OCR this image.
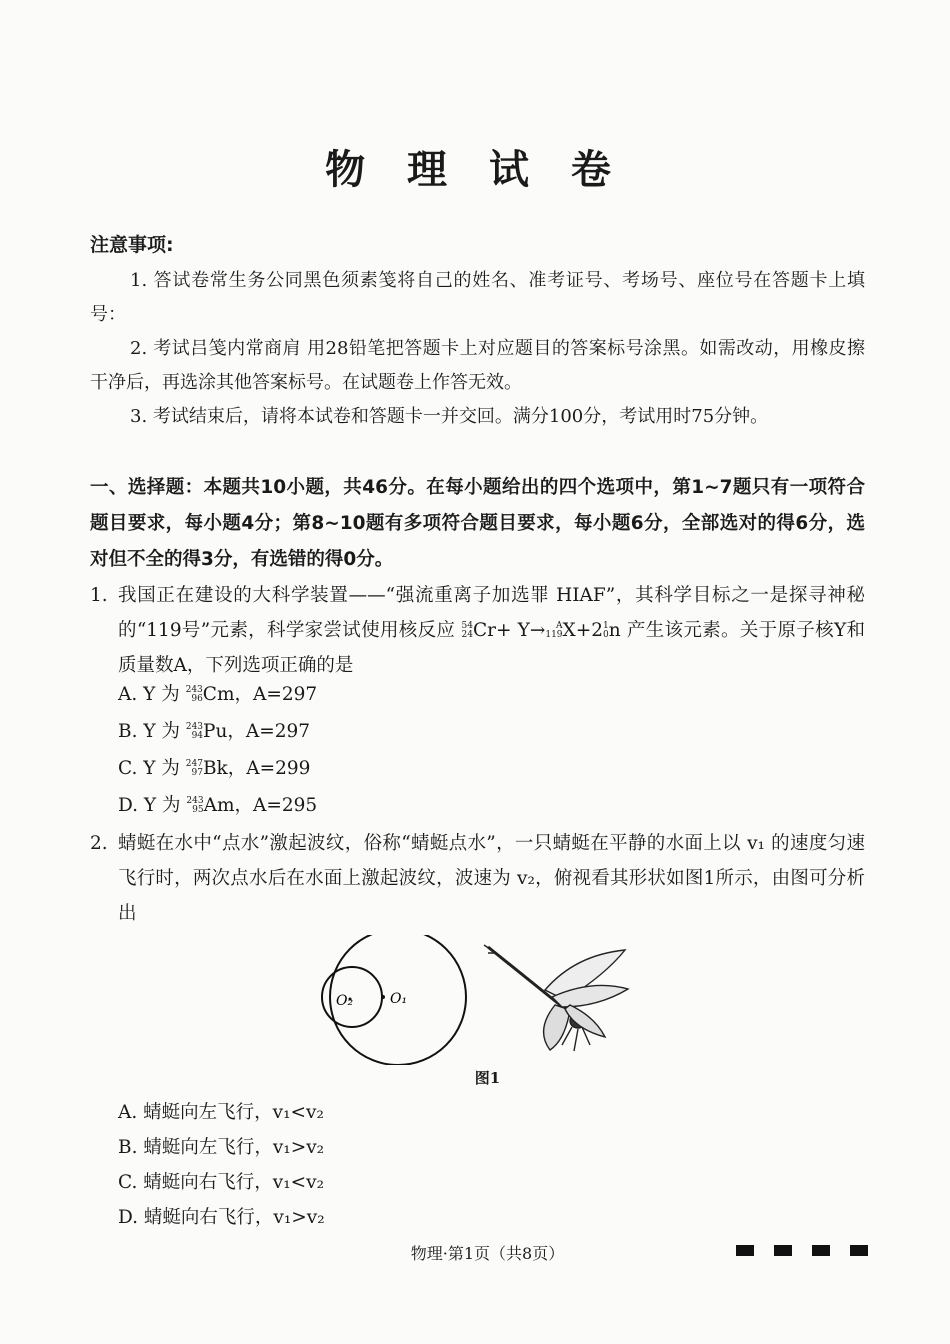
物 理 试 卷
注意事项:
1. 答试卷常生务公同黑色须素笺将自己的姓名、准考证号、考场号、座位号在答题卡上填号：
2. 考试吕笺内常商肩 用28铅笔把答题卡上对应题目的答案标号涂黑。如需改动，用橡皮擦干净后，再选涂其他答案标号。在试题卷上作答无效。
3. 考试结束后，请将本试卷和答题卡一并交回。满分100分，考试用时75分钟。
一、选择题：本题共10小题，共46分。在每小题给出的四个选项中，第1~7题只有一项符合题目要求，每小题4分；第8~10题有多项符合题目要求，每小题6分，全部选对的得6分，选对但不全的得3分，有选错的得0分。
1. 我国正在建设的大科学装置——“强流重离子加选罪 HIAF”，其科学目标之一是探寻神秘的“119号”元素，科学家尝试使用核反应 54
24 Cr+ Y→	A
119 X+2 1
0 n 产生该元素。关于原子核Y和质量数A，下列选项正确的是
A. Y 为 243
96 Cm，A=297
B. Y 为 243
94 Pu，A=297
C. Y 为 247
97 Bk，A=299
D. Y 为 243
95 Am，A=295
2. 蜻蜓在水中“点水”激起波纹，俗称“蜻蜓点水”，一只蜻蜓在平静的水面上以 v₁ 的速度匀速飞行时，两次点水后在水面上激起波纹，波速为 v₂，俯视看其形状如图1所示，由图可分析出
O₂	O₁
图1
A. 蜻蜓向左飞行，v₁<v₂
B. 蜻蜓向左飞行，v₁>v₂
C. 蜻蜓向右飞行，v₁<v₂
D. 蜻蜓向右飞行，v₁>v₂
物理·第1页（共8页）
